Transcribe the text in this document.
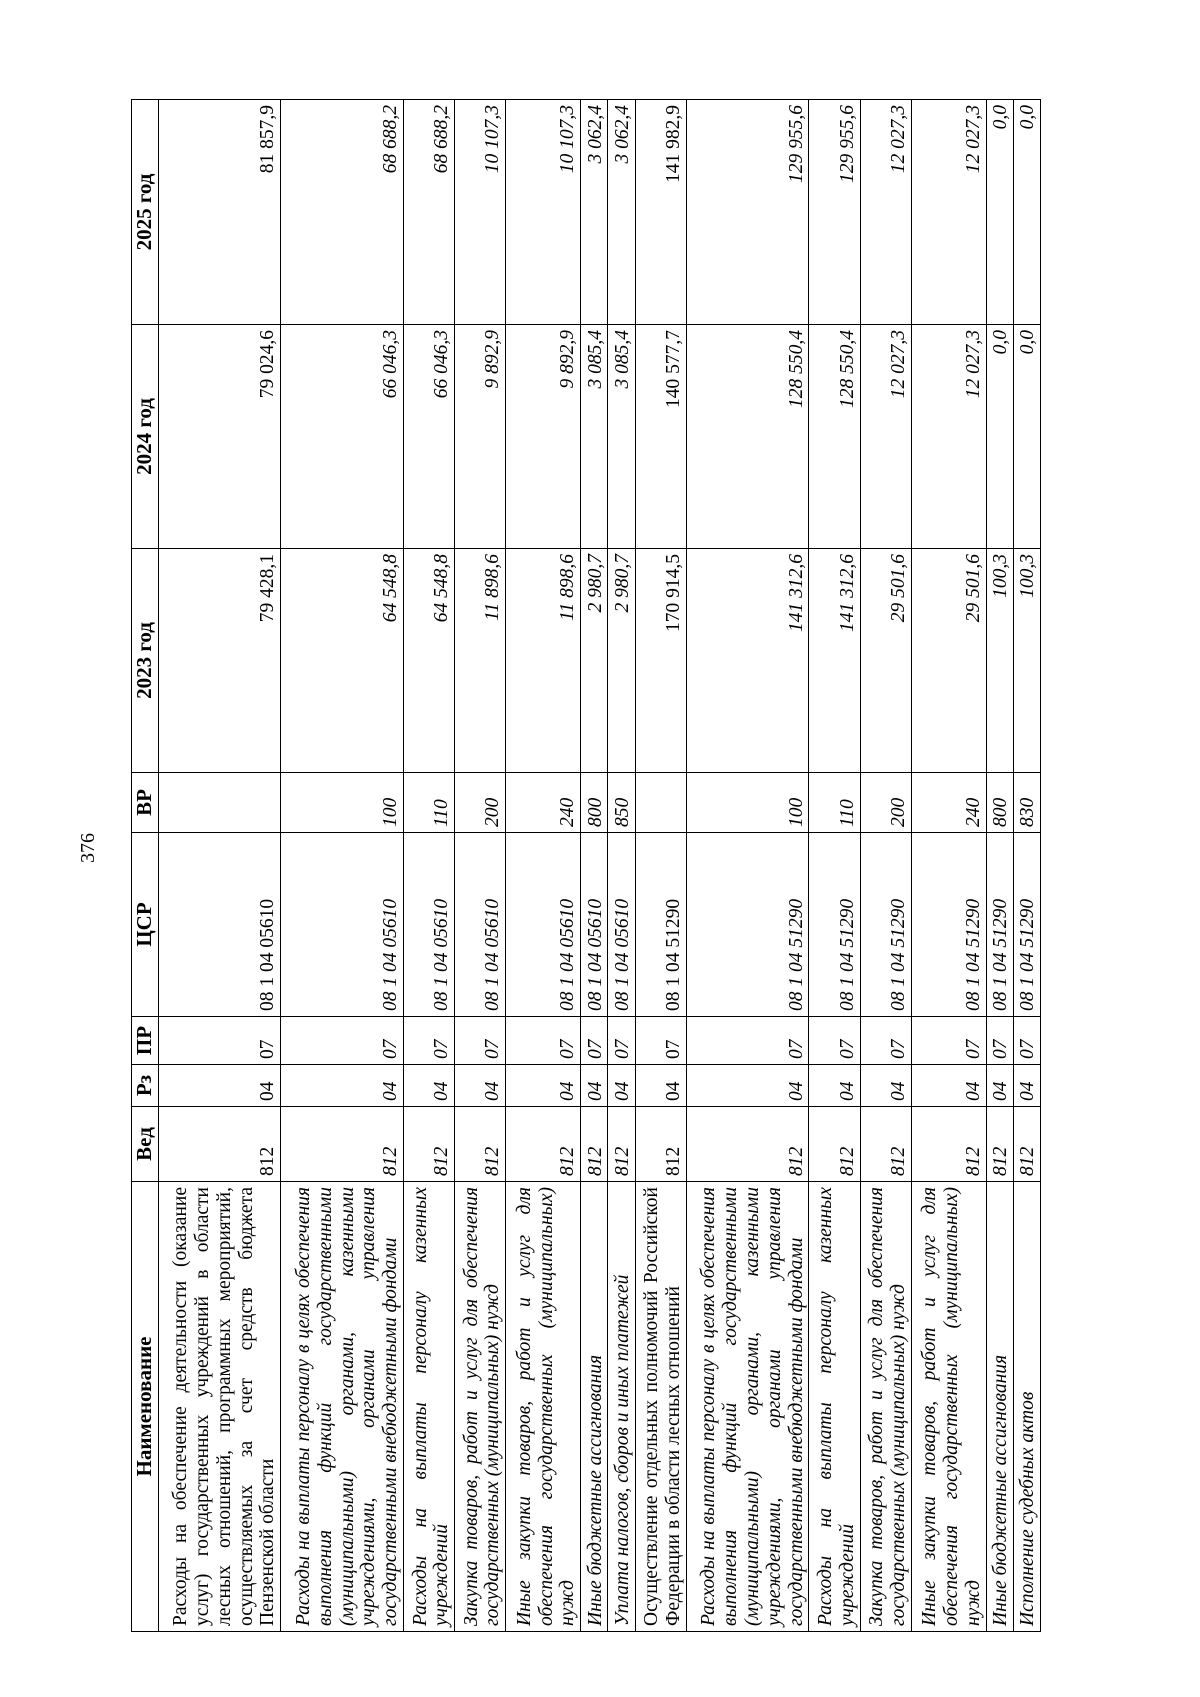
376
Наименование	Вед	Рз	ПР	ЦСР	ВР	2023 год	2024 год	2025 год
Расходы на обеспечение деятельности (оказание услуг) государственных учреждений в области лесных отношений, программных мероприятий, осуществляемых за счет средств бюджета Пензенской области	812	04	07	08 1 04 05610		79 428,1	79 024,6	81 857,9
Расходы на выплаты персоналу в целях обеспечения выполнения функций государственными (муниципальными) органами, казенными учреждениями, органами управления государственными внебюджетными фондами	812	04	07	08 1 04 05610	100	64 548,8	66 046,3	68 688,2
Расходы на выплаты персоналу казенных учреждений	812	04	07	08 1 04 05610	110	64 548,8	66 046,3	68 688,2
Закупка товаров, работ и услуг для обеспечения государственных (муниципальных) нужд	812	04	07	08 1 04 05610	200	11 898,6	9 892,9	10 107,3
Иные закупки товаров, работ и услуг для обеспечения государственных (муниципальных) нужд	812	04	07	08 1 04 05610	240	11 898,6	9 892,9	10 107,3
Иные бюджетные ассигнования	812	04	07	08 1 04 05610	800	2 980,7	3 085,4	3 062,4
Уплата налогов, сборов и иных платежей	812	04	07	08 1 04 05610	850	2 980,7	3 085,4	3 062,4
Осуществление отдельных полномочий Российской Федерации в области лесных отношений	812	04	07	08 1 04 51290		170 914,5	140 577,7	141 982,9
Расходы на выплаты персоналу в целях обеспечения выполнения функций государственными (муниципальными) органами, казенными учреждениями, органами управления государственными внебюджетными фондами	812	04	07	08 1 04 51290	100	141 312,6	128 550,4	129 955,6
Расходы на выплаты персоналу казенных учреждений	812	04	07	08 1 04 51290	110	141 312,6	128 550,4	129 955,6
Закупка товаров, работ и услуг для обеспечения государственных (муниципальных) нужд	812	04	07	08 1 04 51290	200	29 501,6	12 027,3	12 027,3
Иные закупки товаров, работ и услуг для обеспечения государственных (муниципальных) нужд	812	04	07	08 1 04 51290	240	29 501,6	12 027,3	12 027,3
Иные бюджетные ассигнования	812	04	07	08 1 04 51290	800	100,3	0,0	0,0
Исполнение судебных актов	812	04	07	08 1 04 51290	830	100,3	0,0	0,0
